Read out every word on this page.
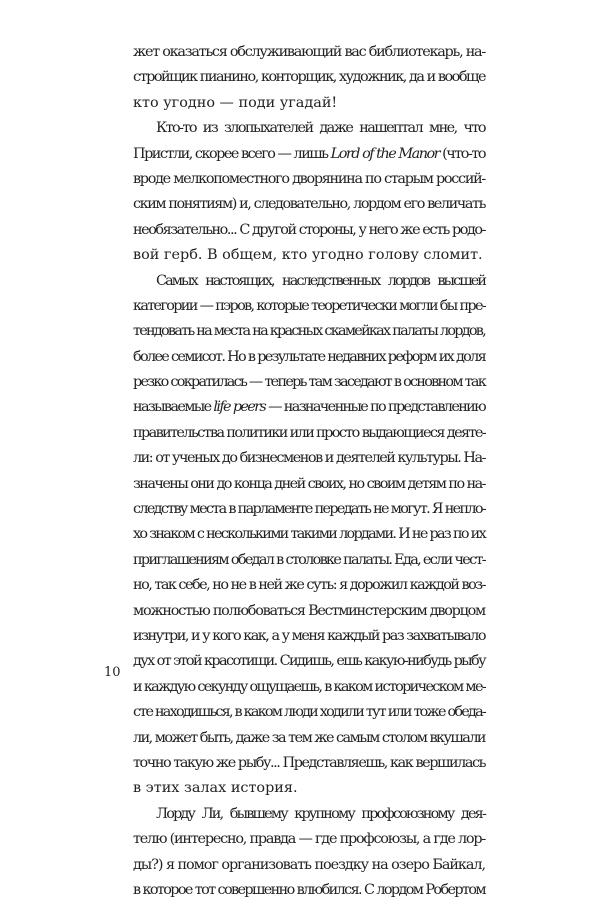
жет оказаться обслуживающий вас библиотекарь, на-
стройщик пианино, конторщик, художник, да и вообще
кто угодно — поди угадай!
Кто-то из злопыхателей даже нашептал мне, что
Пристли, скорее всего — лишь Lord of the Manor (что-то
вроде мелкопоместного дворянина по старым россий-
ским понятиям) и, следовательно, лордом его величать
необязательно... С другой стороны, у него же есть родо-
вой герб. В общем, кто угодно голову сломит.
Самых настоящих, наследственных лордов высшей
категории — пэров, которые теоретически могли бы пре-
тендовать на места на красных скамейках палаты лордов,
более семисот. Но в результате недавних реформ их доля
резко сократилась — теперь там заседают в основном так
называемые life peers — назначенные по представлению
правительства политики или просто выдающиеся деяте-
ли: от ученых до бизнесменов и деятелей культуры. На-
значены они до конца дней своих, но своим детям по на-
следству места в парламенте передать не могут. Я непло-
хо знаком с несколькими такими лордами. И не раз по их
приглашениям обедал в столовке палаты. Еда, если чест-
но, так себе, но не в ней же суть: я дорожил каждой воз-
можностью полюбоваться Вестминстерским дворцом
изнутри, и у кого как, а у меня каждый раз захватывало
дух от этой красотищи. Сидишь, ешь какую-нибудь рыбу
и каждую секунду ощущаешь, в каком историческом ме-
сте находишься, в каком люди ходили тут или тоже обеда-
ли, может быть, даже за тем же самым столом вкушали
точно такую же рыбу... Представляешь, как вершилась
в этих залах история.
Лорду Ли, бывшему крупному профсоюзному дея-
телю (интересно, правда — где профсоюзы, а где лор-
ды?) я помог организовать поездку на озеро Байкал,
в которое тот совершенно влюбился. С лордом Робертом
10
